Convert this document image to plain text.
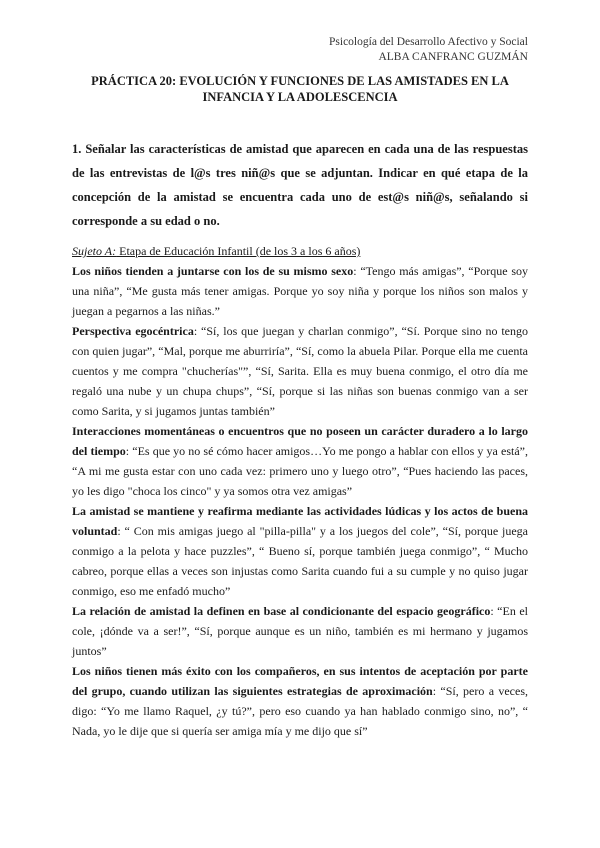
Psicología del Desarrollo Afectivo y Social
ALBA CANFRANC GUZMÁN
PRÁCTICA 20: EVOLUCIÓN Y FUNCIONES DE LAS AMISTADES EN LA INFANCIA Y LA ADOLESCENCIA

1. Señalar las características de amistad que aparecen en cada una de las respuestas de las entrevistas de l@s tres niñ@s que se adjuntan. Indicar en qué etapa de la concepción de la amistad se encuentra cada uno de est@s niñ@s, señalando si corresponde a su edad o no.

Sujeto A: Etapa de Educación Infantil (de los 3 a los 6 años)

Los niños tienden a juntarse con los de su mismo sexo: “Tengo más amigas”, “Porque soy una niña”, “Me gusta más tener amigas. Porque yo soy niña y porque los niños son malos y juegan a pegarnos a las niñas.”

Perspectiva egocéntrica: “Sí, los que juegan y charlan conmigo”, “Sí. Porque sino no tengo con quien jugar”, “Mal, porque me aburriría”, “Sí, como la abuela Pilar. Porque ella me cuenta cuentos y me compra "chucherías"”, “Sí, Sarita. Ella es muy buena conmigo, el otro día me regaló una nube y un chupa chups”, “Sí, porque si las niñas son buenas conmigo van a ser como Sarita, y si jugamos juntas también”

Interacciones momentáneas o encuentros que no poseen un carácter duradero a lo largo del tiempo: “Es que yo no sé cómo hacer amigos…Yo me pongo a hablar con ellos y ya está”, “A mi me gusta estar con uno cada vez: primero uno y luego otro”, “Pues haciendo las paces, yo les digo "choca los cinco" y ya somos otra vez amigas”

La amistad se mantiene y reafirma mediante las actividades lúdicas y los actos de buena voluntad: “ Con mis amigas juego al "pilla-pilla" y a los juegos del cole”, “Sí, porque juega conmigo a la pelota y hace puzzles”, “ Bueno sí, porque también juega conmigo”, “ Mucho cabreo, porque ellas a veces son injustas como Sarita cuando fui a su cumple y no quiso jugar conmigo, eso me enfadó mucho”

La relación de amistad la definen en base al condicionante del espacio geográfico: “En el cole, ¡dónde va a ser!”, “Sí, porque aunque es un niño, también es mi hermano y jugamos juntos”

Los niños tienen más éxito con los compañeros, en sus intentos de aceptación por parte del grupo, cuando utilizan las siguientes estrategias de aproximación: “Sí, pero a veces, digo: “Yo me llamo Raquel, ¿y tú?”, pero eso cuando ya han hablado conmigo sino, no”, “ Nada, yo le dije que si quería ser amiga mía y me dijo que sí”
